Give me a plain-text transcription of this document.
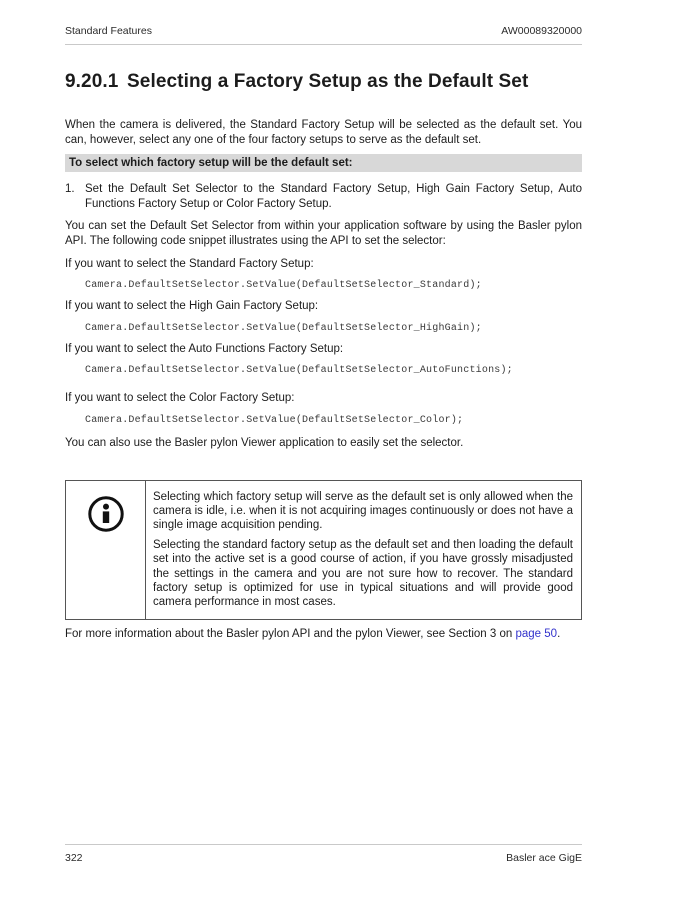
Standard Features	AW00089320000
9.20.1 Selecting a Factory Setup as the Default Set

When the camera is delivered, the Standard Factory Setup will be selected as the default set. You can, however, select any one of the four factory setups to serve as the default set.

To select which factory setup will be the default set:
1. Set the Default Set Selector to the Standard Factory Setup, High Gain Factory Setup, Auto Functions Factory Setup or Color Factory Setup.

You can set the Default Set Selector from within your application software by using the Basler pylon API. The following code snippet illustrates using the API to set the selector:

If you want to select the Standard Factory Setup:

Camera.DefaultSetSelector.SetValue(DefaultSetSelector_Standard);

If you want to select the High Gain Factory Setup:

Camera.DefaultSetSelector.SetValue(DefaultSetSelector_HighGain);

If you want to select the Auto Functions Factory Setup:

Camera.DefaultSetSelector.SetValue(DefaultSetSelector_AutoFunctions);

If you want to select the Color Factory Setup:

Camera.DefaultSetSelector.SetValue(DefaultSetSelector_Color);

You can also use the Basler pylon Viewer application to easily set the selector.

Selecting which factory setup will serve as the default set is only allowed when the camera is idle, i.e. when it is not acquiring images continuously or does not have a single image acquisition pending.

Selecting the standard factory setup as the default set and then loading the default set into the active set is a good course of action, if you have grossly misadjusted the settings in the camera and you are not sure how to recover. The standard factory setup is optimized for use in typical situations and will provide good camera performance in most cases.

For more information about the Basler pylon API and the pylon Viewer, see Section 3 on page 50.

322	Basler ace GigE
